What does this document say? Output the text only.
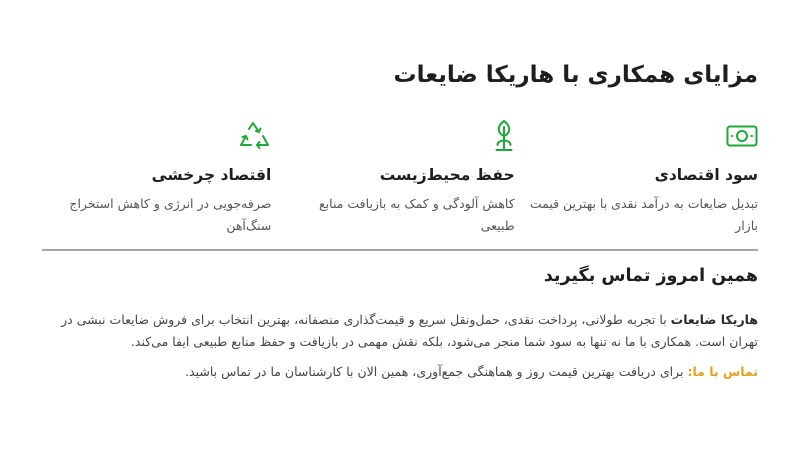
مزایای همکاری با هاریکا ضایعات
سود اقتصادی
تبدیل ضایعات به درآمد نقدی با بهترین قیمت بازار
حفظ محیط‌زیست
کاهش آلودگی و کمک به بازیافت منابع طبیعی
اقتصاد چرخشی
صرفه‌جویی در انرژی و کاهش استخراج سنگ‌آهن
همین امروز تماس بگیرید

هاریکا ضایعات با تجربه طولانی، پرداخت نقدی، حمل‌ونقل سریع و قیمت‌گذاری منصفانه، بهترین انتخاب برای فروش ضایعات نبشی در تهران است. همکاری با ما نه تنها به سود شما منجر می‌شود، بلکه نقش مهمی در بازیافت و حفظ منابع طبیعی ایفا می‌کند.

تماس با ما: برای دریافت بهترین قیمت روز و هماهنگی جمع‌آوری، همین الان با کارشناسان ما در تماس باشید.
